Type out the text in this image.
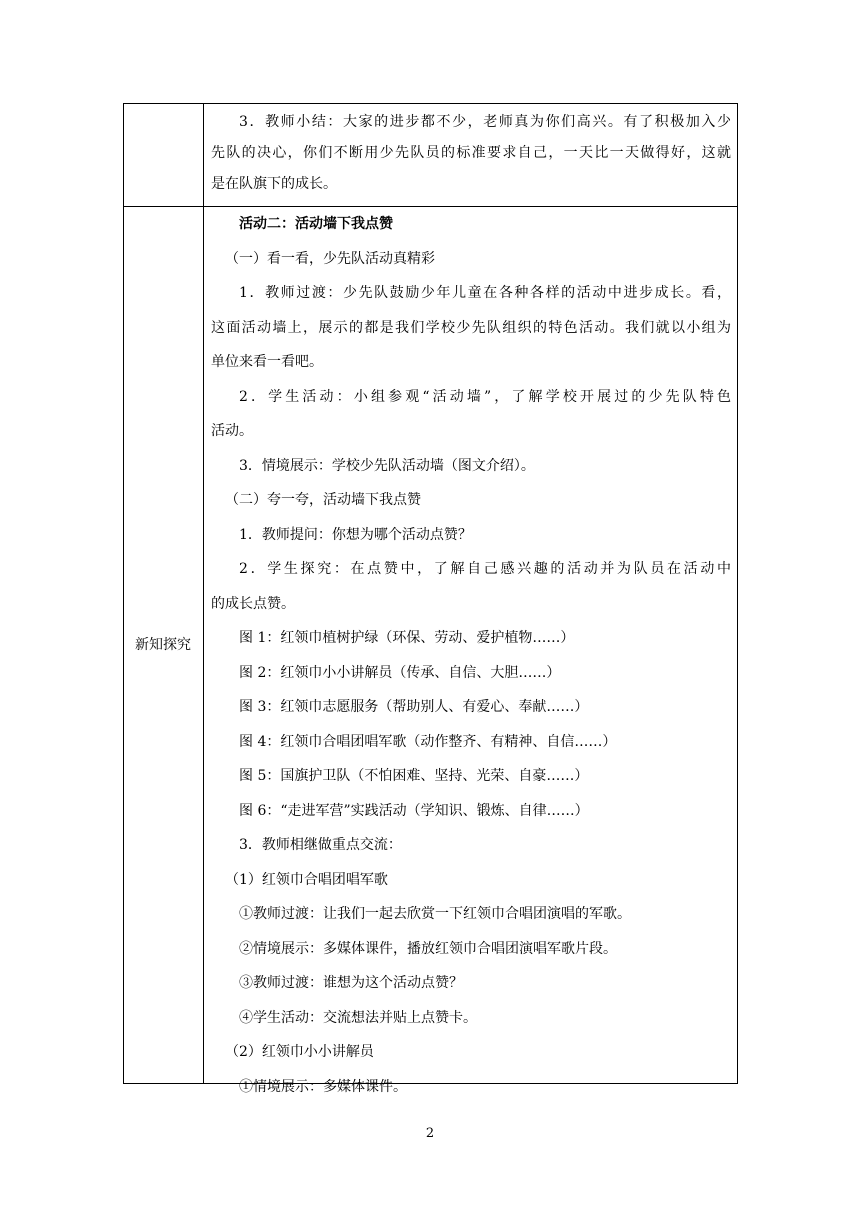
3．教师小结：大家的进步都不少，老师真为你们高兴。有了积极加入少

先队的决心，你们不断用少先队员的标准要求自己，一天比一天做得好，这就

是在队旗下的成长。

新知探究

活动二：活动墙下我点赞

（一）看一看，少先队活动真精彩

1．教师过渡：少先队鼓励少年儿童在各种各样的活动中进步成长。看，

这面活动墙上，展示的都是我们学校少先队组织的特色活动。我们就以小组为

单位来看一看吧。

2．学生活动：小组参观“活动墙”，了解学校开展过的少先队特色

活动。

3．情境展示：学校少先队活动墙（图文介绍）。

（二）夸一夸，活动墙下我点赞

1．教师提问：你想为哪个活动点赞？

2．学生探究：在点赞中，了解自己感兴趣的活动并为队员在活动中

的成长点赞。

图 1：红领巾植树护绿（环保、劳动、爱护植物……）

图 2：红领巾小小讲解员（传承、自信、大胆……）

图 3：红领巾志愿服务（帮助别人、有爱心、奉献……）

图 4：红领巾合唱团唱军歌（动作整齐、有精神、自信……）

图 5：国旗护卫队（不怕困难、坚持、光荣、自豪……）

图 6：“走进军营”实践活动（学知识、锻炼、自律……）

3．教师相继做重点交流：

（1）红领巾合唱团唱军歌

①教师过渡：让我们一起去欣赏一下红领巾合唱团演唱的军歌。

②情境展示：多媒体课件，播放红领巾合唱团演唱军歌片段。

③教师过渡：谁想为这个活动点赞？

④学生活动：交流想法并贴上点赞卡。

（2）红领巾小小讲解员

①情境展示：多媒体课件。

2
